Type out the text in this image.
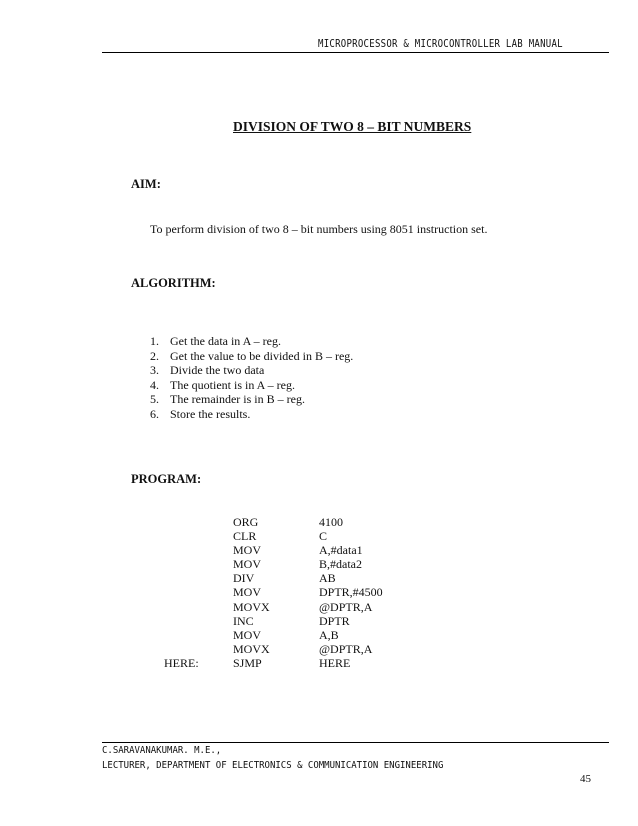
MICROPROCESSOR & MICROCONTROLLER LAB MANUAL
DIVISION OF TWO 8 – BIT NUMBERS
AIM:
To perform division of two 8 – bit numbers using 8051 instruction set.
ALGORITHM:
1. Get the data in A – reg.
2. Get the value to be divided in B – reg.
3. Divide the two data
4. The quotient is in A – reg.
5. The remainder is in B – reg.
6. Store the results.
PROGRAM:
ORG	4100
CLR	C
MOV	A,#data1
MOV	B,#data2
DIV	AB
MOV	DPTR,#4500
MOVX	@DPTR,A
INC	DPTR
MOV	A,B
MOVX	@DPTR,A
HERE:	SJMP	HERE
C.SARAVANAKUMAR. M.E.,
LECTURER, DEPARTMENT OF ELECTRONICS & COMMUNICATION ENGINEERING
45
